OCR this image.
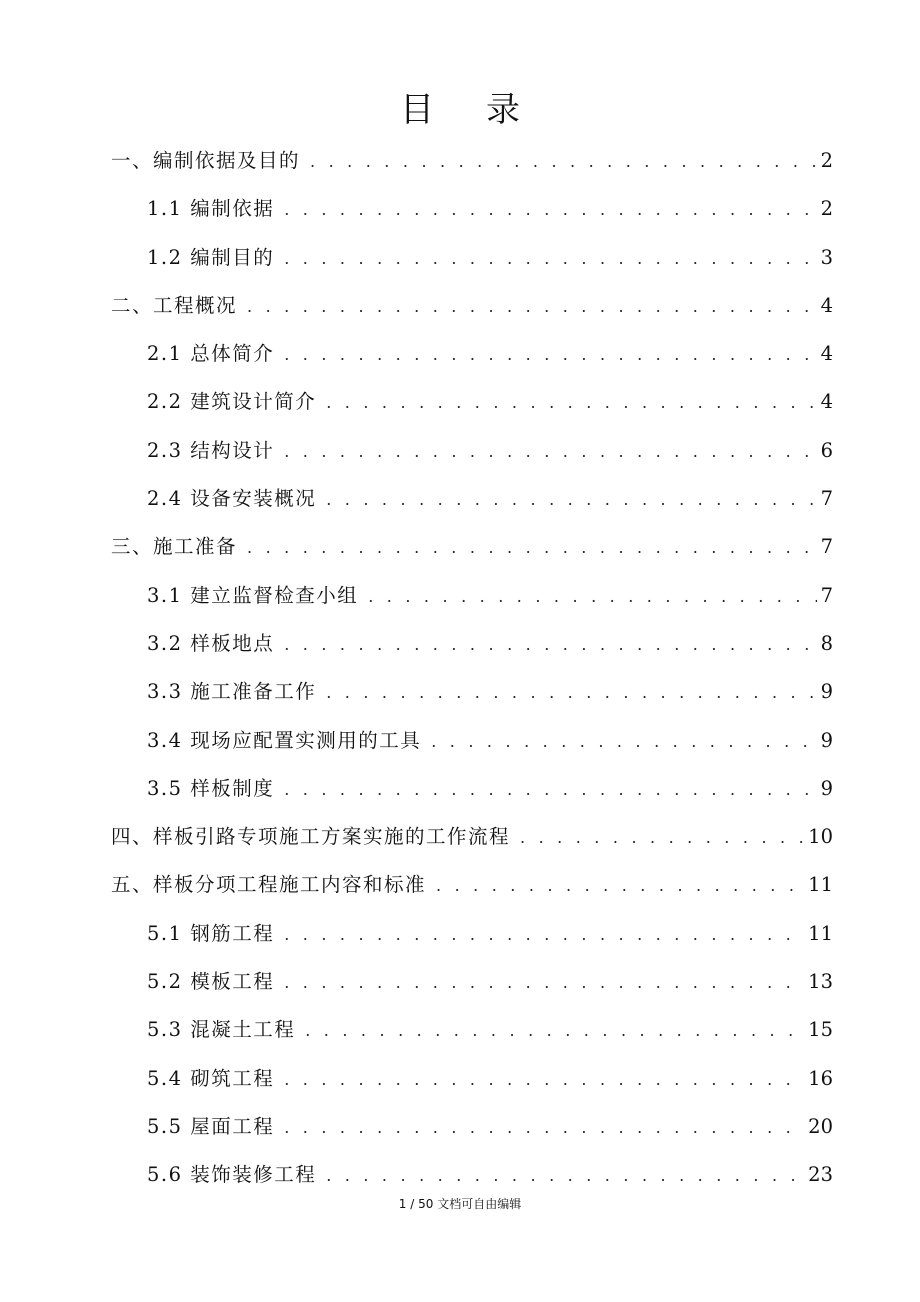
目录
一、编制依据及目的 . . .	2
1.1 编制依据 . . .	2
1.2 编制目的 . . .	3
二、工程概况 . . .	4
2.1 总体简介 . . .	4
2.2 建筑设计简介 . . .	4
2.3 结构设计 . . .	6
2.4 设备安装概况 . . .	7
三、施工准备 . . .	7
3.1 建立监督检查小组 . . .	7
3.2 样板地点 . . .	8
3.3 施工准备工作 . . .	9
3.4 现场应配置实测用的工具 . . .	9
3.5 样板制度 . . .	9
四、样板引路专项施工方案实施的工作流程 . . .	10
五、样板分项工程施工内容和标准 . . .	11
5.1 钢筋工程 . . .	11
5.2 模板工程 . . .	13
5.3 混凝土工程 . . .	15
5.4 砌筑工程 . . .	16
5.5 屋面工程 . . .	20
5.6 装饰装修工程 . . .	23
1 / 50 文档可自由编辑
